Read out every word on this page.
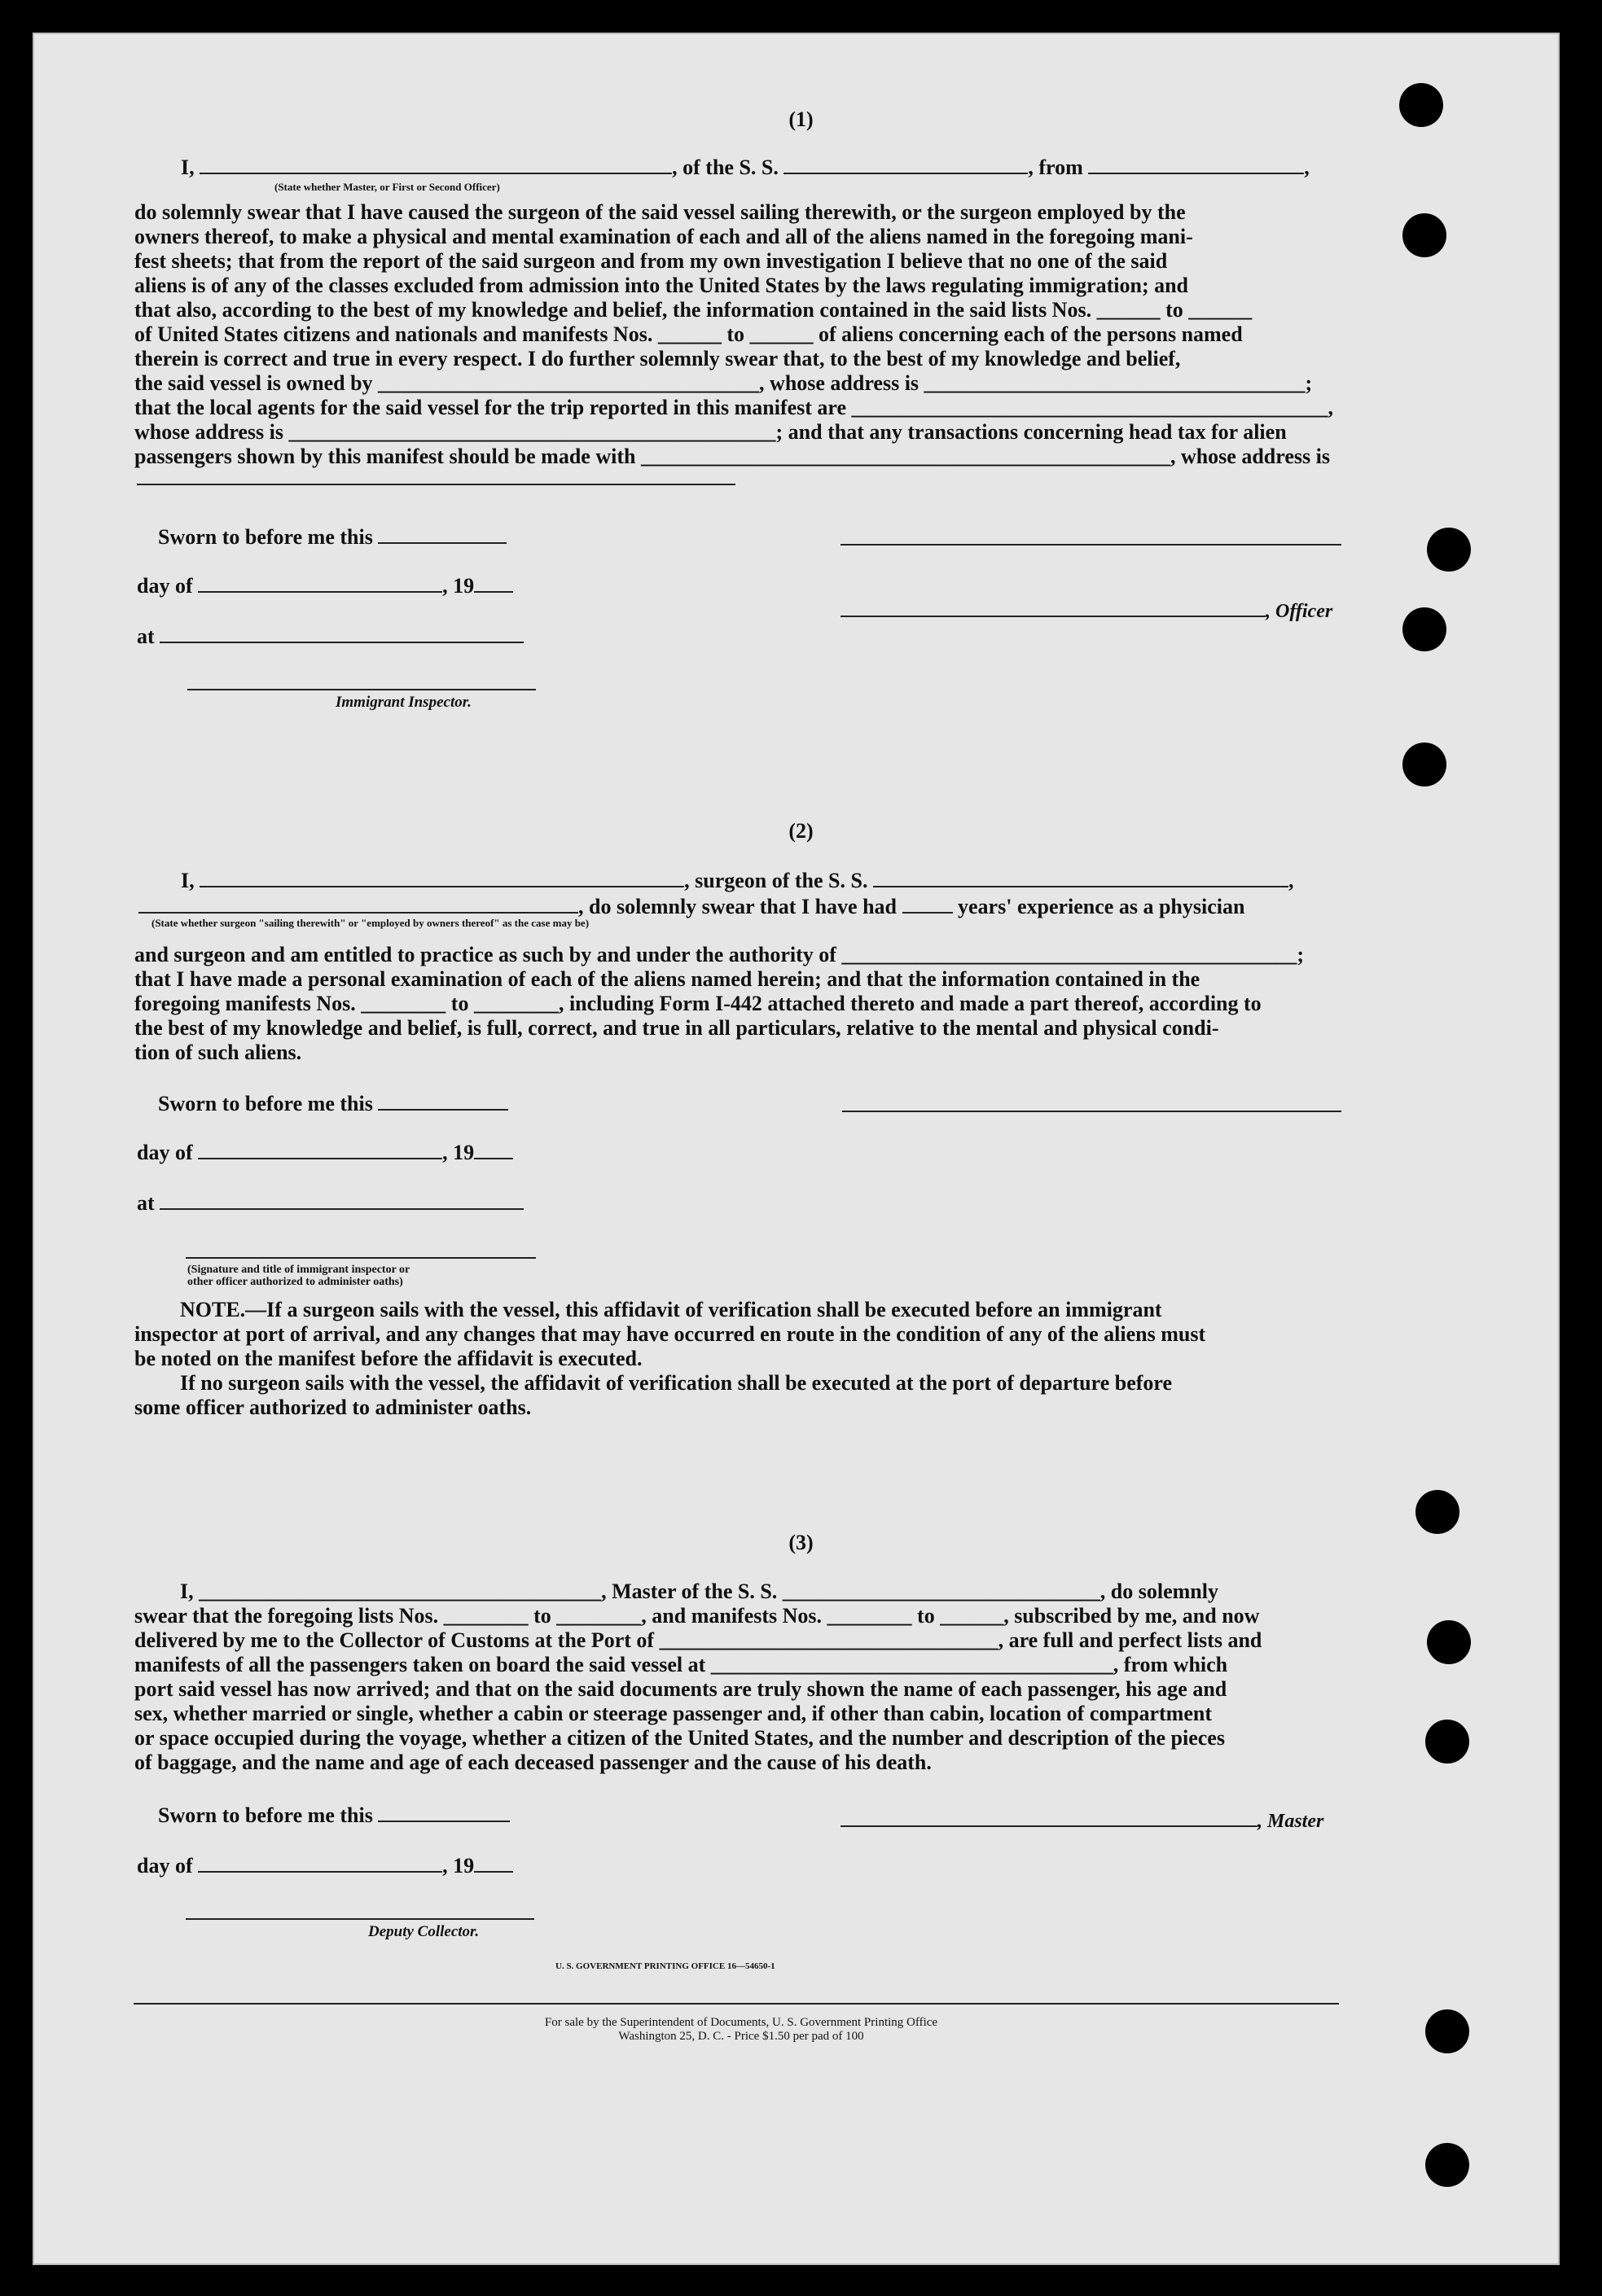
(1)
I,	, of the S. S.	, from	,
(State whether Master, or First or Second Officer)

do solemnly swear that I have caused the surgeon of the said vessel sailing therewith, or the surgeon employed by the

owners thereof, to make a physical and mental examination of each and all of the aliens named in the foregoing mani-

fest sheets; that from the report of the said surgeon and from my own investigation I believe that no one of the said

aliens is of any of the classes excluded from admission into the United States by the laws regulating immigration; and

that also, according to the best of my knowledge and belief, the information contained in the said lists Nos. ______ to ______

of United States citizens and nationals and manifests Nos. ______ to ______ of aliens concerning each of the persons named

therein is correct and true in every respect. I do further solemnly swear that, to the best of my knowledge and belief,

the said vessel is owned by ____________________________________, whose address is ____________________________________;

that the local agents for the said vessel for the trip reported in this manifest are _____________________________________________,

whose address is ______________________________________________; and that any transactions concerning head tax for alien

passengers shown by this manifest should be made with __________________________________________________, whose address is

Sworn to before me this
day of	, 19
at
Immigrant Inspector.
, Officer
(2)
I,	, surgeon of the S. S.	,
, do solemnly swear that I have had	years' experience as a physician
(State whether surgeon "sailing therewith" or "employed by owners thereof" as the case may be)

and surgeon and am entitled to practice as such by and under the authority of ___________________________________________;

that I have made a personal examination of each of the aliens named herein; and that the information contained in the

foregoing manifests Nos. ________ to ________, including Form I-442 attached thereto and made a part thereof, according to

the best of my knowledge and belief, is full, correct, and true in all particulars, relative to the mental and physical condi-

tion of such aliens.

Sworn to before me this
day of	, 19
at
(Signature and title of immigrant inspector or
other officer authorized to administer oaths)

NOTE.—If a surgeon sails with the vessel, this affidavit of verification shall be executed before an immigrant

inspector at port of arrival, and any changes that may have occurred en route in the condition of any of the aliens must

be noted on the manifest before the affidavit is executed.

If no surgeon sails with the vessel, the affidavit of verification shall be executed at the port of departure before

some officer authorized to administer oaths.

(3)

I, ______________________________________, Master of the S. S. ______________________________, do solemnly

swear that the foregoing lists Nos. ________ to ________, and manifests Nos. ________ to ______, subscribed by me, and now

delivered by me to the Collector of Customs at the Port of ________________________________, are full and perfect lists and

manifests of all the passengers taken on board the said vessel at ______________________________________, from which

port said vessel has now arrived; and that on the said documents are truly shown the name of each passenger, his age and

sex, whether married or single, whether a cabin or steerage passenger and, if other than cabin, location of compartment

or space occupied during the voyage, whether a citizen of the United States, and the number and description of the pieces

of baggage, and the name and age of each deceased passenger and the cause of his death.

Sworn to before me this	, Master
day of	, 19
Deputy Collector.
U. S. GOVERNMENT PRINTING OFFICE 16—54650-1
For sale by the Superintendent of Documents, U. S. Government Printing Office
Washington 25, D. C. - Price $1.50 per pad of 100
